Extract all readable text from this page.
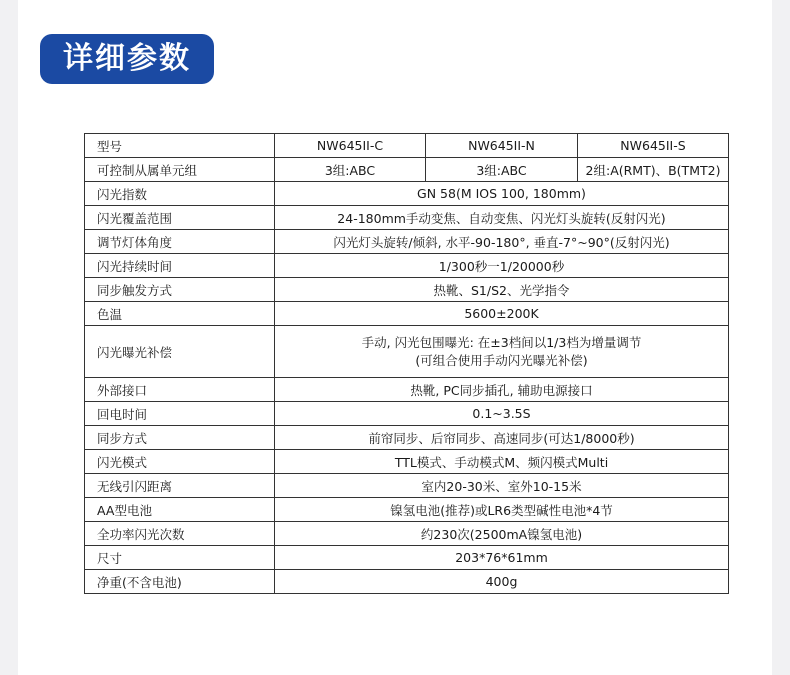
详细参数
型号	NW645II-C	NW645II-N	NW645II-S
可控制从属单元组	3组:ABC	3组:ABC	2组:A(RMT)、B(TMT2)
闪光指数	GN 58(M IOS 100, 180mm)		
闪光覆盖范围	24-180mm手动变焦、自动变焦、闪光灯头旋转(反射闪光)		
调节灯体角度	闪光灯头旋转/倾斜, 水平-90-180°, 垂直-7°~90°(反射闪光)		
闪光持续时间	1/300秒一1/20000秒		
同步触发方式	热靴、S1/S2、光学指令		
色温	5600±200K		
闪光曝光补偿	手动, 闪光包围曝光: 在±3档间以1/3档为增量调节
(可组合使用手动闪光曝光补偿)		

外部接口	热靴, PC同步插孔, 辅助电源接口		
回电时间	0.1~3.5S		
同步方式	前帘同步、后帘同步、高速同步(可达1/8000秒)		
闪光模式	TTL模式、手动模式M、频闪模式Multi		
无线引闪距离	室内20-30米、室外10-15米		
AA型电池	镍氢电池(推荐)或LR6类型碱性电池*4节		
全功率闪光次数	约230次(2500mA镍氢电池)		
尺寸	203*76*61mm		
净重(不含电池)	400g		
